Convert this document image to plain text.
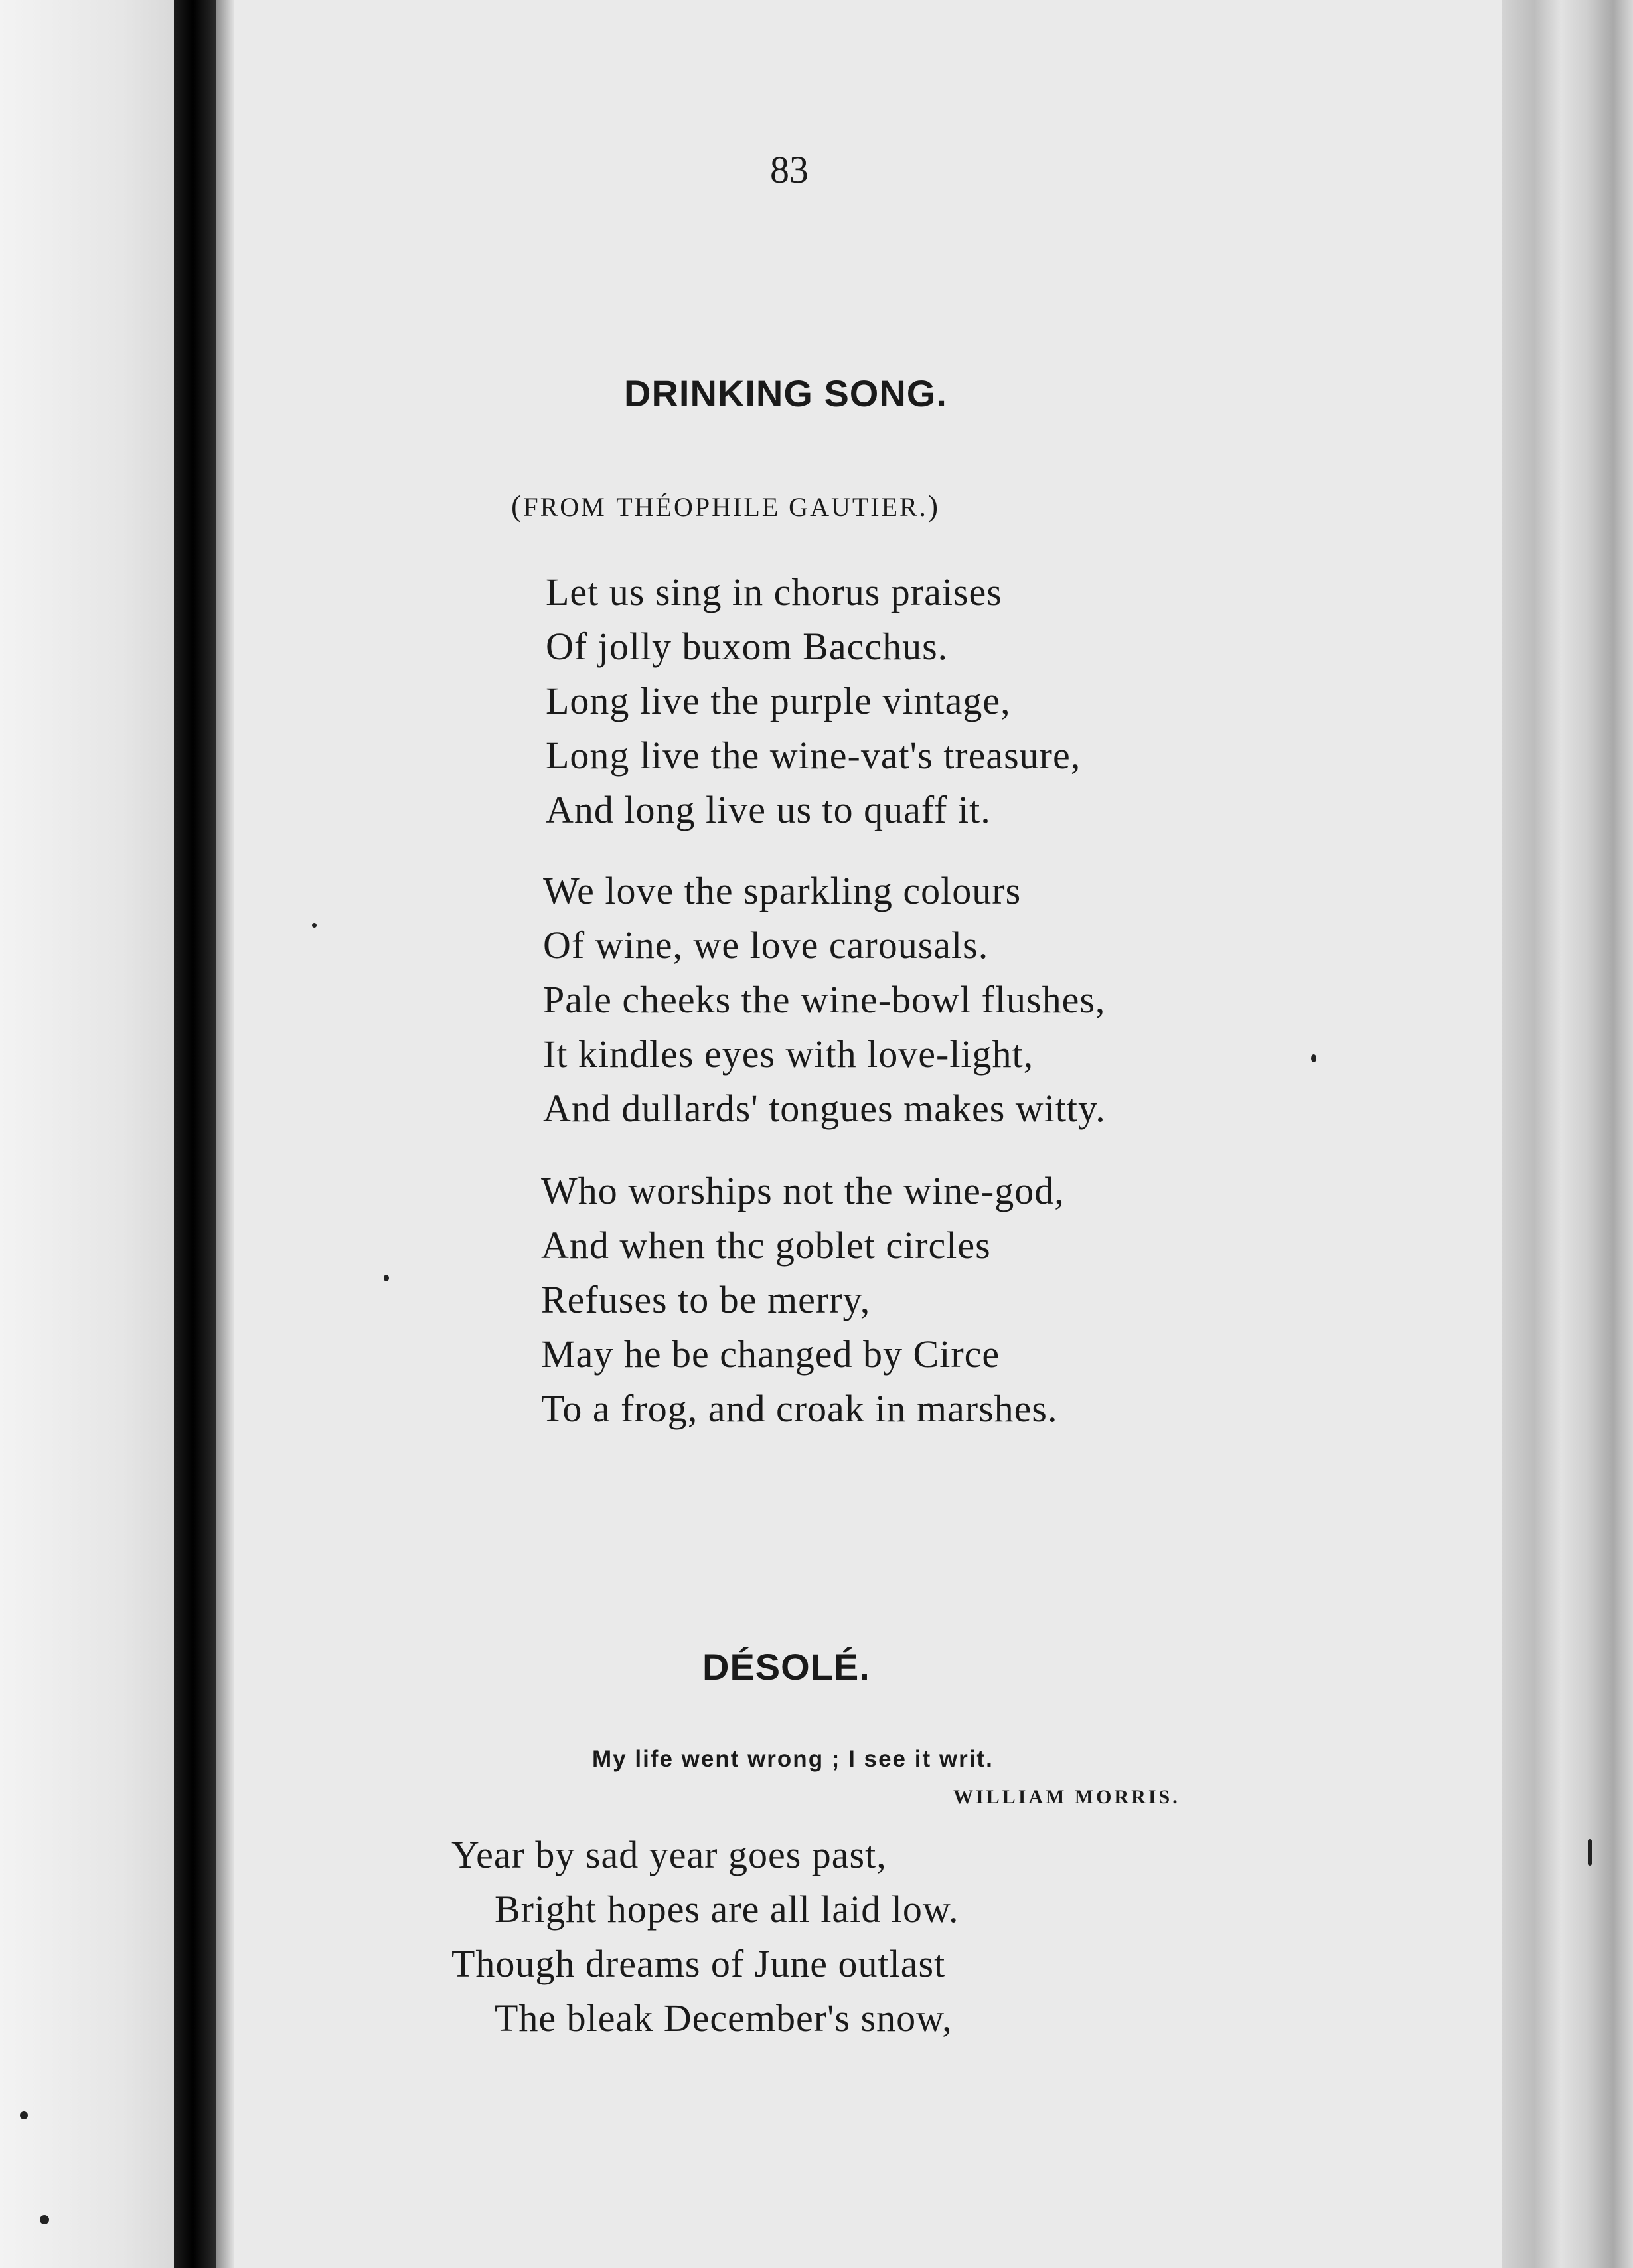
83
DRINKING SONG.
(FROM THÉOPHILE GAUTIER.)
Let us sing in chorus praises
Of jolly buxom Bacchus.
Long live the purple vintage,
Long live the wine-vat's treasure,
And long live us to quaff it.
We love the sparkling colours
Of wine, we love carousals.
Pale cheeks the wine-bowl flushes,
It kindles eyes with love-light,
And dullards' tongues makes witty.
Who worships not the wine-god,
And when thc goblet circles
Refuses to be merry,
May he be changed by Circe
To a frog, and croak in marshes.
DÉSOLÉ.
My life went wrong ; I see it writ.
WILLIAM MORRIS.
Year by sad year goes past,
Bright hopes are all laid low.
Though dreams of June outlast
The bleak December's snow,
